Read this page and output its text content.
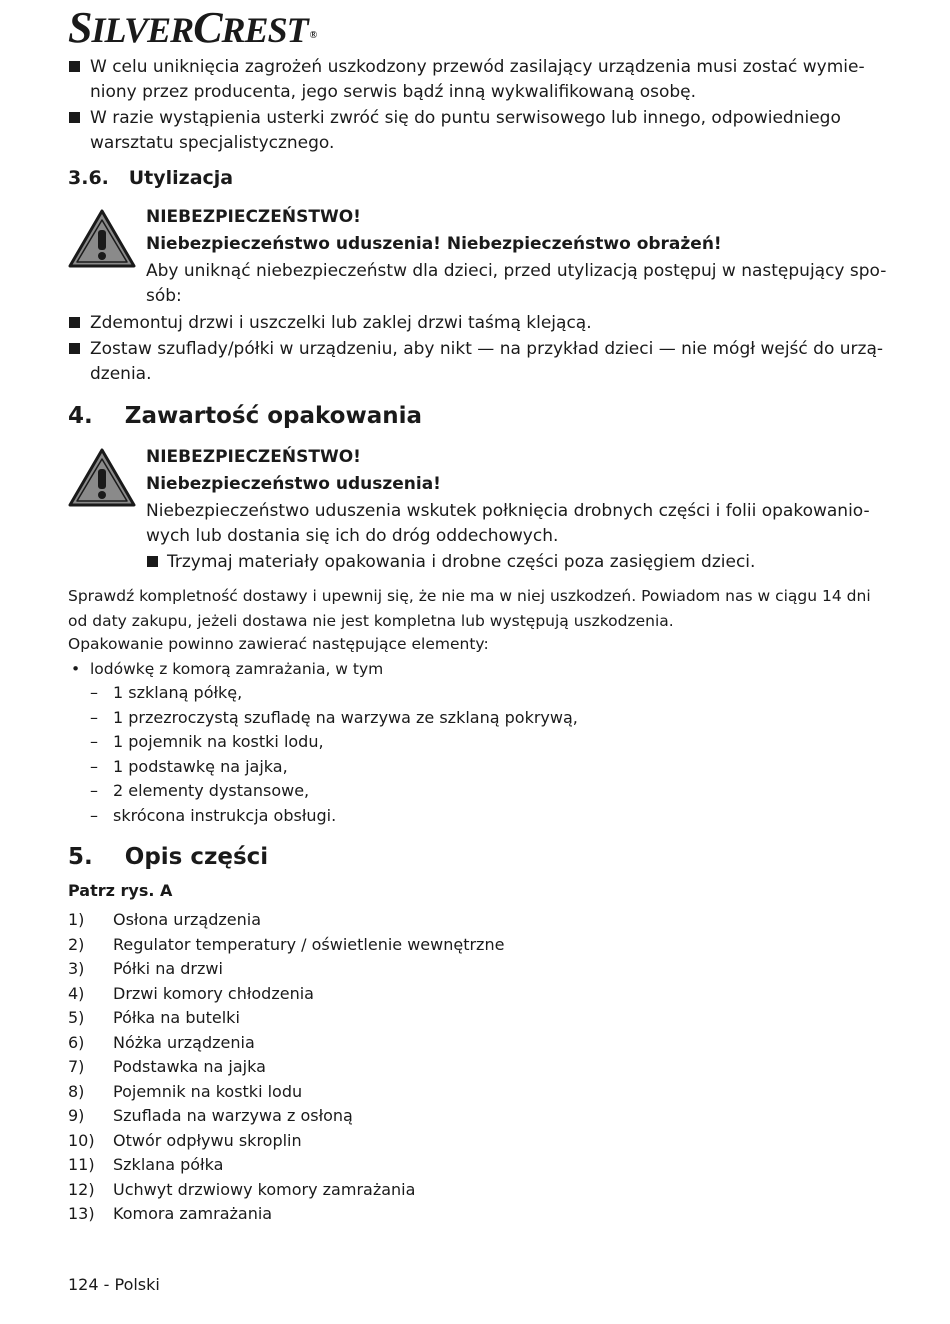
SILVERCREST ®
W celu uniknięcia zagrożeń uszkodzony przewód zasilający urządzenia musi zostać wymie-
niony przez producenta, jego serwis bądź inną wykwalifikowaną osobę.
W razie wystąpienia usterki zwróć się do puntu serwisowego lub innego, odpowiedniego
warsztatu specjalistycznego.
3.6.   Utylizacja
NIEBEZPIECZEŃSTWO!
Niebezpieczeństwo uduszenia! Niebezpieczeństwo obrażeń!
Aby uniknąć niebezpieczeństw dla dzieci, przed utylizacją postępuj w następujący spo-
sób:
Zdemontuj drzwi i uszczelki lub zaklej drzwi taśmą klejącą.
Zostaw szuflady/półki w urządzeniu, aby nikt — na przykład dzieci — nie mógł wejść do urzą-
dzenia.
4.    Zawartość opakowania
NIEBEZPIECZEŃSTWO!
Niebezpieczeństwo uduszenia!
Niebezpieczeństwo uduszenia wskutek połknięcia drobnych części i folii opakowanio-
wych lub dostania się ich do dróg oddechowych.
Trzymaj materiały opakowania i drobne części poza zasięgiem dzieci.
Sprawdź kompletność dostawy i upewnij się, że nie ma w niej uszkodzeń. Powiadom nas w ciągu 14 dni
od daty zakupu, jeżeli dostawa nie jest kompletna lub występują uszkodzenia.
Opakowanie powinno zawierać następujące elementy:
• lodówkę z komorą zamrażania, w tym
– 1 szklaną półkę,
– 1 przezroczystą szufladę na warzywa ze szklaną pokrywą,
– 1 pojemnik na kostki lodu,
– 1 podstawkę na jajka,
– 2 elementy dystansowe,
– skrócona instrukcja obsługi.
5.    Opis części
Patrz rys. A
1)	Osłona urządzenia
2)	Regulator temperatury / oświetlenie wewnętrzne
3)	Półki na drzwi
4)	Drzwi komory chłodzenia
5)	Półka na butelki
6)	Nóżka urządzenia
7)	Podstawka na jajka
8)	Pojemnik na kostki lodu
9)	Szuflada na warzywa z osłoną
10)	Otwór odpływu skroplin
11)	Szklana półka
12)	Uchwyt drzwiowy komory zamrażania
13)	Komora zamrażania
124 - Polski
